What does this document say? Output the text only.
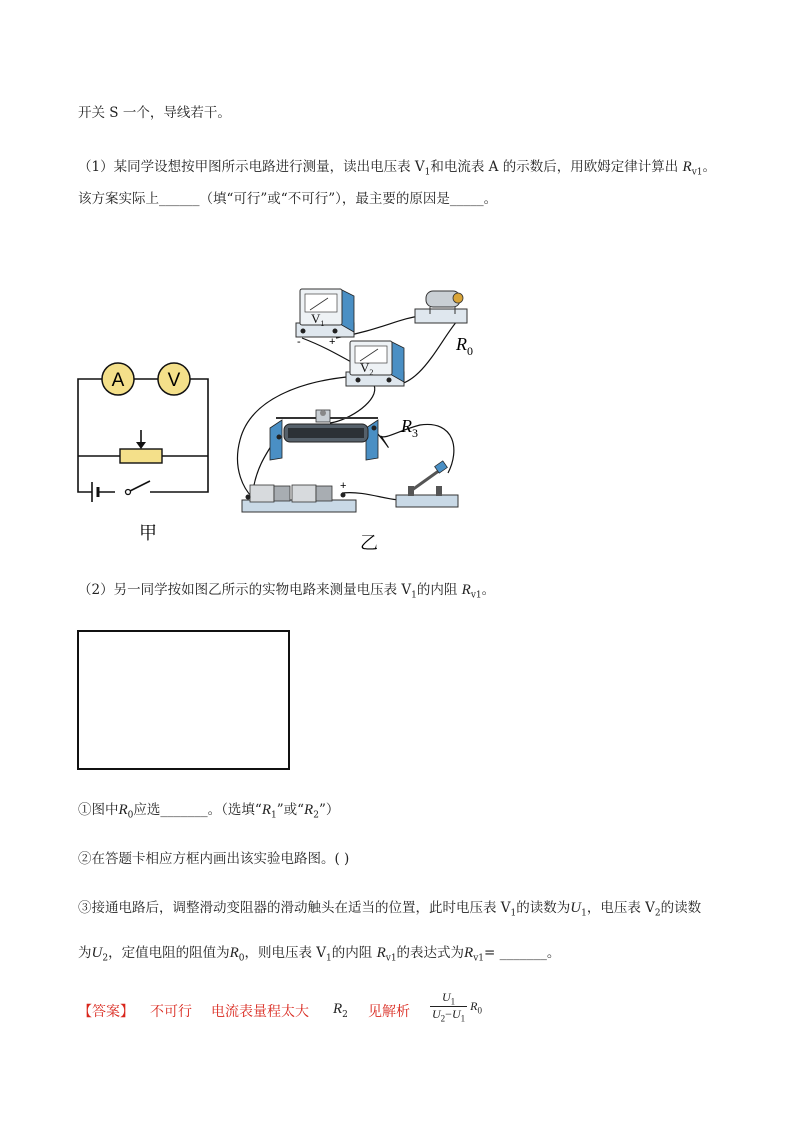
开关 S 一个，导线若干。
（1）某同学设想按甲图所示电路进行测量，读出电压表 $V_1$和电流表 A 的示数后，用欧姆定律计算出 $R_{v1}$。
该方案实际上______（填“可行”或“不可行”），最主要的原因是_____。
A V
甲
$V_1$
-	+	$R_0$
$V_2$
$R_3$
+
乙
（2）另一同学按如图乙所示的实物电路来测量电压表 $V_1$的内阻 $R_{v1}$。
①图中$R_0$应选_______。（选填“$R_1$”或“$R_2$”）
②在答题卡相应方框内画出该实验电路图。( )
③接通电路后，调整滑动变阻器的滑动触头在适当的位置，此时电压表 $V_1$的读数为$U_1$，电压表 $V_2$的读数
为$U_2$，定值电阻的阻值为$R_0$，则电压表 $V_1$的内阻 $R_{v1}$的表达式为$R_{v1}=$ _______。
【答案】 不可行 电流表量程太大 $R_2$ 见解析 $\frac{U_1}{U_2-U_1} R_0$
